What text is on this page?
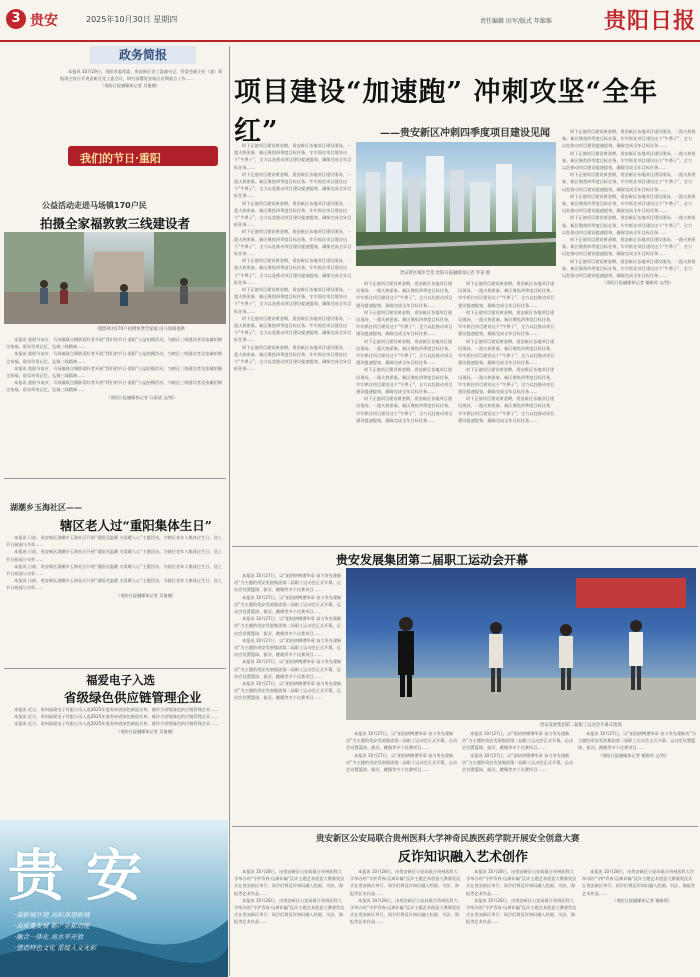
3 贵安	2025年10月30日 星期四	责任编辑 田军/版式 年维维 贵阳日报
政务简报

本报讯 10月29日，贵阳市委常委、贵安新区党工委副书记、管委会副主任（兼）蒋振海主持召开贵安新区党工委会议，研究部署贵安新区近期重点工作……

（贵阳日报融媒体记者 吴俊德）

我们的节日·重阳
公益活动走进马场镇170户民
拍摄全家福敦敦三线建设者
摄影师为170户拍摄免费全家福 由马场镇提供

本报讯 重阳节前夕，马场镇联合摄影爱好者开展“我们的节日·重阳”公益拍摄活动，为辖区三线建设者及家属拍摄全家福，留存珍贵记忆，弘扬三线精神……

本报讯 重阳节前夕，马场镇联合摄影爱好者开展“我们的节日·重阳”公益拍摄活动，为辖区三线建设者及家属拍摄全家福，留存珍贵记忆，弘扬三线精神……

本报讯 重阳节前夕，马场镇联合摄影爱好者开展“我们的节日·重阳”公益拍摄活动，为辖区三线建设者及家属拍摄全家福，留存珍贵记忆，弘扬三线精神……

本报讯 重阳节前夕，马场镇联合摄影爱好者开展“我们的节日·重阳”公益拍摄活动，为辖区三线建设者及家属拍摄全家福，留存珍贵记忆，弘扬三线精神……

（贵阳日报融媒体记者 石丽清 文/图）

湖潮乡玉海社区——
辖区老人过“重阳集体生日”

本报讯 日前，贵安新区湖潮乡玉海社区开展“重阳送温暖 关爱暖人心”主题活动，为辖区老年人集体过生日，送上节日祝福与关怀……

本报讯 日前，贵安新区湖潮乡玉海社区开展“重阳送温暖 关爱暖人心”主题活动，为辖区老年人集体过生日，送上节日祝福与关怀……

本报讯 日前，贵安新区湖潮乡玉海社区开展“重阳送温暖 关爱暖人心”主题活动，为辖区老年人集体过生日，送上节日祝福与关怀……

本报讯 日前，贵安新区湖潮乡玉海社区开展“重阳送温暖 关爱暖人心”主题活动，为辖区老年人集体过生日，送上节日祝福与关怀……

（贵阳日报融媒体记者 吴俊德）

福爱电子入选
省级绿色供应链管理企业

本报讯 近日，贵州福爱电子有限公司入选2025年度贵州省绿色制造名单，被评为省级绿色供应链管理企业……

本报讯 近日，贵州福爱电子有限公司入选2025年度贵州省绿色制造名单，被评为省级绿色供应链管理企业……

本报讯 近日，贵州福爱电子有限公司入选2025年度贵州省绿色制造名单，被评为省级绿色供应链管理企业……

（贵阳日报融媒体记者 吴俊德）

贵安
·强新城开建 高标准建新城
·高质量发展 新产业新动能
·融合一体化 高水平开放
·塑造特色文化 重绽人文光彩
项目建设“加速跑” 冲刺攻坚“全年红”	——贵安新区冲刺四季度项目建设见闻

时下正值项目建设黄金期，贵安新区各地项目建设现场，一派火热景象。新区聚焦四季度目标任务，牢牢抓住项目建设这个“牛鼻子”，全力以赴推动项目建设提速提效，确保完成全年目标任务……

时下正值项目建设黄金期，贵安新区各地项目建设现场，一派火热景象。新区聚焦四季度目标任务，牢牢抓住项目建设这个“牛鼻子”，全力以赴推动项目建设提速提效，确保完成全年目标任务……

时下正值项目建设黄金期，贵安新区各地项目建设现场，一派火热景象。新区聚焦四季度目标任务，牢牢抓住项目建设这个“牛鼻子”，全力以赴推动项目建设提速提效，确保完成全年目标任务……

时下正值项目建设黄金期，贵安新区各地项目建设现场，一派火热景象。新区聚焦四季度目标任务，牢牢抓住项目建设这个“牛鼻子”，全力以赴推动项目建设提速提效，确保完成全年目标任务……

时下正值项目建设黄金期，贵安新区各地项目建设现场，一派火热景象。新区聚焦四季度目标任务，牢牢抓住项目建设这个“牛鼻子”，全力以赴推动项目建设提速提效，确保完成全年目标任务……

时下正值项目建设黄金期，贵安新区各地项目建设现场，一派火热景象。新区聚焦四季度目标任务，牢牢抓住项目建设这个“牛鼻子”，全力以赴推动项目建设提速提效，确保完成全年目标任务……

时下正值项目建设黄金期，贵安新区各地项目建设现场，一派火热景象。新区聚焦四季度目标任务，牢牢抓住项目建设这个“牛鼻子”，全力以赴推动项目建设提速提效，确保完成全年目标任务……

时下正值项目建设黄金期，贵安新区各地项目建设现场，一派火热景象。新区聚焦四季度目标任务，牢牢抓住项目建设这个“牛鼻子”，全力以赴推动项目建设提速提效，确保完成全年目标任务……

贵安新区城市全景 贵阳日报融媒体记者 罗某 摄

时下正值项目建设黄金期，贵安新区各地项目建设现场，一派火热景象。新区聚焦四季度目标任务，牢牢抓住项目建设这个“牛鼻子”，全力以赴推动项目建设提速提效，确保完成全年目标任务……

时下正值项目建设黄金期，贵安新区各地项目建设现场，一派火热景象。新区聚焦四季度目标任务，牢牢抓住项目建设这个“牛鼻子”，全力以赴推动项目建设提速提效，确保完成全年目标任务……

时下正值项目建设黄金期，贵安新区各地项目建设现场，一派火热景象。新区聚焦四季度目标任务，牢牢抓住项目建设这个“牛鼻子”，全力以赴推动项目建设提速提效，确保完成全年目标任务……

时下正值项目建设黄金期，贵安新区各地项目建设现场，一派火热景象。新区聚焦四季度目标任务，牢牢抓住项目建设这个“牛鼻子”，全力以赴推动项目建设提速提效，确保完成全年目标任务……

时下正值项目建设黄金期，贵安新区各地项目建设现场，一派火热景象。新区聚焦四季度目标任务，牢牢抓住项目建设这个“牛鼻子”，全力以赴推动项目建设提速提效，确保完成全年目标任务……

时下正值项目建设黄金期，贵安新区各地项目建设现场，一派火热景象。新区聚焦四季度目标任务，牢牢抓住项目建设这个“牛鼻子”，全力以赴推动项目建设提速提效，确保完成全年目标任务……

时下正值项目建设黄金期，贵安新区各地项目建设现场，一派火热景象。新区聚焦四季度目标任务，牢牢抓住项目建设这个“牛鼻子”，全力以赴推动项目建设提速提效，确保完成全年目标任务……

时下正值项目建设黄金期，贵安新区各地项目建设现场，一派火热景象。新区聚焦四季度目标任务，牢牢抓住项目建设这个“牛鼻子”，全力以赴推动项目建设提速提效，确保完成全年目标任务……

时下正值项目建设黄金期，贵安新区各地项目建设现场，一派火热景象。新区聚焦四季度目标任务，牢牢抓住项目建设这个“牛鼻子”，全力以赴推动项目建设提速提效，确保完成全年目标任务……

时下正值项目建设黄金期，贵安新区各地项目建设现场，一派火热景象。新区聚焦四季度目标任务，牢牢抓住项目建设这个“牛鼻子”，全力以赴推动项目建设提速提效，确保完成全年目标任务……

时下正值项目建设黄金期，贵安新区各地项目建设现场，一派火热景象。新区聚焦四季度目标任务，牢牢抓住项目建设这个“牛鼻子”，全力以赴推动项目建设提速提效，确保完成全年目标任务……

时下正值项目建设黄金期，贵安新区各地项目建设现场，一派火热景象。新区聚焦四季度目标任务，牢牢抓住项目建设这个“牛鼻子”，全力以赴推动项目建设提速提效，确保完成全年目标任务……

时下正值项目建设黄金期，贵安新区各地项目建设现场，一派火热景象。新区聚焦四季度目标任务，牢牢抓住项目建设这个“牛鼻子”，全力以赴推动项目建设提速提效，确保完成全年目标任务……

时下正值项目建设黄金期，贵安新区各地项目建设现场，一派火热景象。新区聚焦四季度目标任务，牢牢抓住项目建设这个“牛鼻子”，全力以赴推动项目建设提速提效，确保完成全年目标任务……

时下正值项目建设黄金期，贵安新区各地项目建设现场，一派火热景象。新区聚焦四季度目标任务，牢牢抓住项目建设这个“牛鼻子”，全力以赴推动项目建设提速提效，确保完成全年目标任务……

时下正值项目建设黄金期，贵安新区各地项目建设现场，一派火热景象。新区聚焦四季度目标任务，牢牢抓住项目建设这个“牛鼻子”，全力以赴推动项目建设提速提效，确保完成全年目标任务……

时下正值项目建设黄金期，贵安新区各地项目建设现场，一派火热景象。新区聚焦四季度目标任务，牢牢抓住项目建设这个“牛鼻子”，全力以赴推动项目建设提速提效，确保完成全年目标任务……

（贵阳日报融媒体记者 谢雅琼 文/图）

贵安发展集团第二届职工运动会开幕

本报讯 10月27日，以“团结拼搏谱华章 奋力争先建新功”为主题的贵安发展集团第二届职工运动会正式开幕。运动会设置篮球、拔河、跳绳等多个比赛项目……

本报讯 10月27日，以“团结拼搏谱华章 奋力争先建新功”为主题的贵安发展集团第二届职工运动会正式开幕。运动会设置篮球、拔河、跳绳等多个比赛项目……

本报讯 10月27日，以“团结拼搏谱华章 奋力争先建新功”为主题的贵安发展集团第二届职工运动会正式开幕。运动会设置篮球、拔河、跳绳等多个比赛项目……

本报讯 10月27日，以“团结拼搏谱华章 奋力争先建新功”为主题的贵安发展集团第二届职工运动会正式开幕。运动会设置篮球、拔河、跳绳等多个比赛项目……

本报讯 10月27日，以“团结拼搏谱华章 奋力争先建新功”为主题的贵安发展集团第二届职工运动会正式开幕。运动会设置篮球、拔河、跳绳等多个比赛项目……

本报讯 10月27日，以“团结拼搏谱华章 奋力争先建新功”为主题的贵安发展集团第二届职工运动会正式开幕。运动会设置篮球、拔河、跳绳等多个比赛项目……

贵安发展集团第二届职工运动会开幕式现场

本报讯 10月27日，以“团结拼搏谱华章 奋力争先建新功”为主题的贵安发展集团第二届职工运动会正式开幕。运动会设置篮球、拔河、跳绳等多个比赛项目……

本报讯 10月27日，以“团结拼搏谱华章 奋力争先建新功”为主题的贵安发展集团第二届职工运动会正式开幕。运动会设置篮球、拔河、跳绳等多个比赛项目……

本报讯 10月27日，以“团结拼搏谱华章 奋力争先建新功”为主题的贵安发展集团第二届职工运动会正式开幕。运动会设置篮球、拔河、跳绳等多个比赛项目……

本报讯 10月27日，以“团结拼搏谱华章 奋力争先建新功”为主题的贵安发展集团第二届职工运动会正式开幕。运动会设置篮球、拔河、跳绳等多个比赛项目……

本报讯 10月27日，以“团结拼搏谱华章 奋力争先建新功”为主题的贵安发展集团第二届职工运动会正式开幕。运动会设置篮球、拔河、跳绳等多个比赛项目……

（贵阳日报融媒体记者 谢雅琼 文/图）

贵安新区公安局联合贵州医科大学神奇民族医药学院开展安全创意大赛
反诈知识融入艺术创作

本报讯 10月28日，由贵安新区公安局联合贵州医科大学举办的“守护青春·远离诈骗”反诈主题艺术创意大赛颁奖仪式在贵安新区举行，同学们将反诈知识融入绘画、书法、海报等艺术作品……

本报讯 10月28日，由贵安新区公安局联合贵州医科大学举办的“守护青春·远离诈骗”反诈主题艺术创意大赛颁奖仪式在贵安新区举行，同学们将反诈知识融入绘画、书法、海报等艺术作品……

本报讯 10月28日，由贵安新区公安局联合贵州医科大学举办的“守护青春·远离诈骗”反诈主题艺术创意大赛颁奖仪式在贵安新区举行，同学们将反诈知识融入绘画、书法、海报等艺术作品……

本报讯 10月28日，由贵安新区公安局联合贵州医科大学举办的“守护青春·远离诈骗”反诈主题艺术创意大赛颁奖仪式在贵安新区举行，同学们将反诈知识融入绘画、书法、海报等艺术作品……

本报讯 10月28日，由贵安新区公安局联合贵州医科大学举办的“守护青春·远离诈骗”反诈主题艺术创意大赛颁奖仪式在贵安新区举行，同学们将反诈知识融入绘画、书法、海报等艺术作品……

本报讯 10月28日，由贵安新区公安局联合贵州医科大学举办的“守护青春·远离诈骗”反诈主题艺术创意大赛颁奖仪式在贵安新区举行，同学们将反诈知识融入绘画、书法、海报等艺术作品……

本报讯 10月28日，由贵安新区公安局联合贵州医科大学举办的“守护青春·远离诈骗”反诈主题艺术创意大赛颁奖仪式在贵安新区举行，同学们将反诈知识融入绘画、书法、海报等艺术作品……

（贵阳日报融媒体记者 谢雅琼）
